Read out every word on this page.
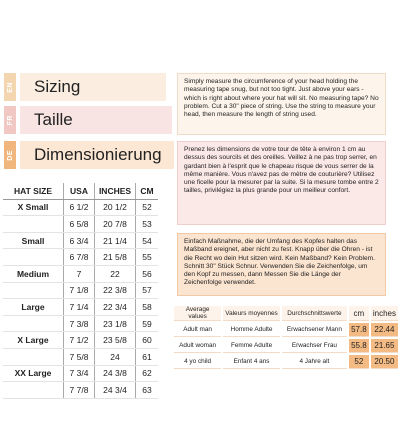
EN	Sizing
FR	Taille
DE	Dimensionierung
HAT SIZE	USA	INCHES	CM
X Small	6 1/2	20 1/2	52
	6 5/8	20 7/8	53
Small	6 3/4	21 1/4	54
	6 7/8	21 5/8	55
Medium	7	22	56
	7 1/8	22 3/8	57
Large	7 1/4	22 3/4	58
	7 3/8	23 1/8	59
X Large	7 1/2	23 5/8	60
	7 5/8	24	61
XX Large	7 3/4	24 3/8	62
	7 7/8	24 3/4	63
Simply measure the circumference of your head holding the measuring tape snug, but not too tight. Just above your ears - which is right about where your hat will sit. No measuring tape? No problem. Cut a 30" piece of string. Use the string to measure your head, then measure the length of string used.
Prenez les dimensions de votre tour de tête à environ 1 cm au dessus des sourcils et des oreilles. Veillez à ne pas trop serrer, en gardant bien à l'esprit que le chapeau risque de vous serrer de la même manière. Vous n'avez pas de mètre de couturière? Utilisez une ficelle pour la mesurer par la suite. Si la mesure tombe entre 2 tailles, privilégiez la plus grande pour un meilleur confort.
Einfach Maßnahme, die der Umfang des Kopfes halten das Maßband ereignet, aber nicht zu fest. Knapp über die Ohren - ist die Recht wo dein Hut sitzen wird. Kein Maßband? Kein Problem. Schnitt 30" Stück Schnur. Verwenden Sie die Zeichenfolge, um den Kopf zu messen, dann Messen Sie die Länge der Zeichenfolge verwendet.
Average values	Valeurs moyennes	Durchschnittswerte	cm	inches
Adult man	Homme Adulte	Erwachsener Mann	57.8	22.44
Adult woman	Femme Adulte	Erwachser Frau	55.8	21.65
4 yo child	Enfant 4 ans	4 Jahre alt	52	20.50
